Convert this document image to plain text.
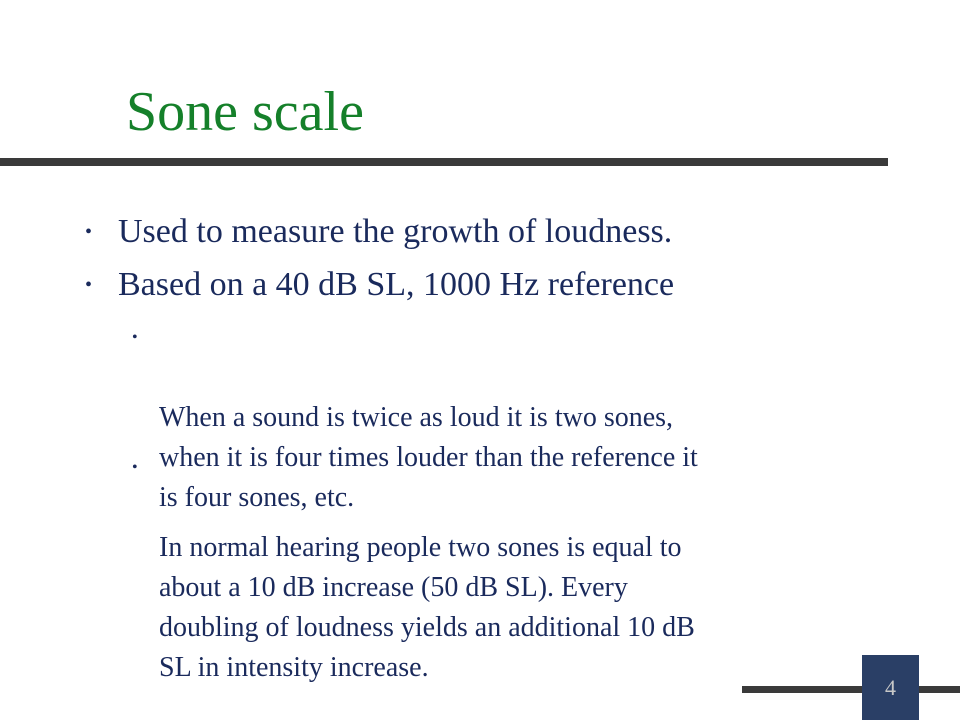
Sone scale
• Used to measure the growth of loudness.
• Based on a 40 dB SL, 1000 Hz reference

•

When a sound is twice as loud it is two sones,
when it is four times louder than the reference it
is four sones, etc.

•

In normal hearing people two sones is equal to
about a 10 dB increase (50 dB SL). Every
doubling of loudness yields an additional 10 dB
SL in intensity increase.

4
